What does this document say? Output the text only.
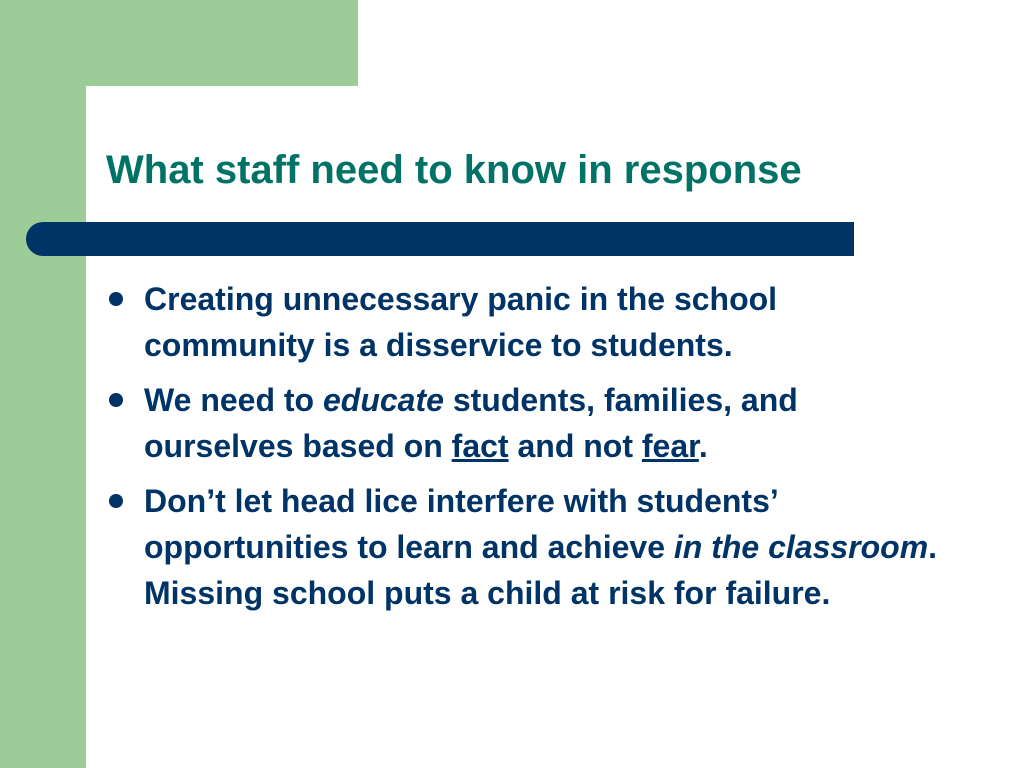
What staff need to know in response
Creating unnecessary panic in the school community is a disservice to students.
We need to educate students, families, and ourselves based on fact and not fear.
Don’t let head lice interfere with students’ opportunities to learn and achieve in the classroom. Missing school puts a child at risk for failure.
